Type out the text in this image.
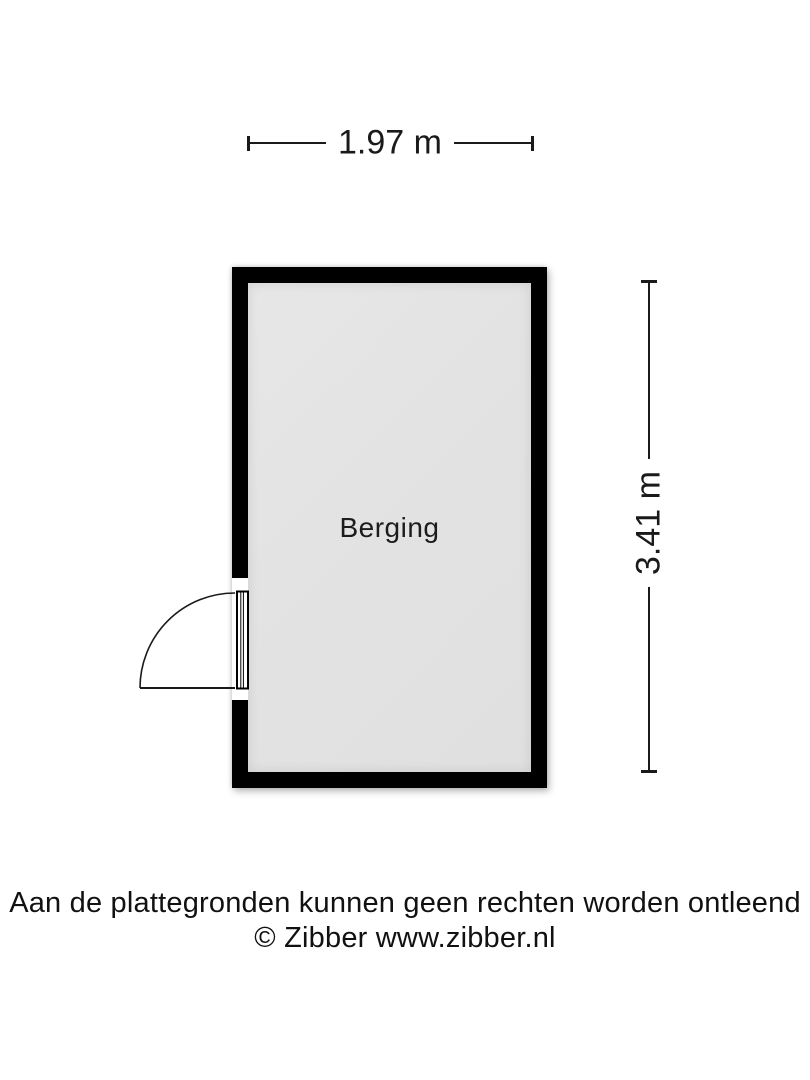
1.97 m
Berging	3.41 m
Aan de plattegronden kunnen geen rechten worden ontleend
© Zibber www.zibber.nl
